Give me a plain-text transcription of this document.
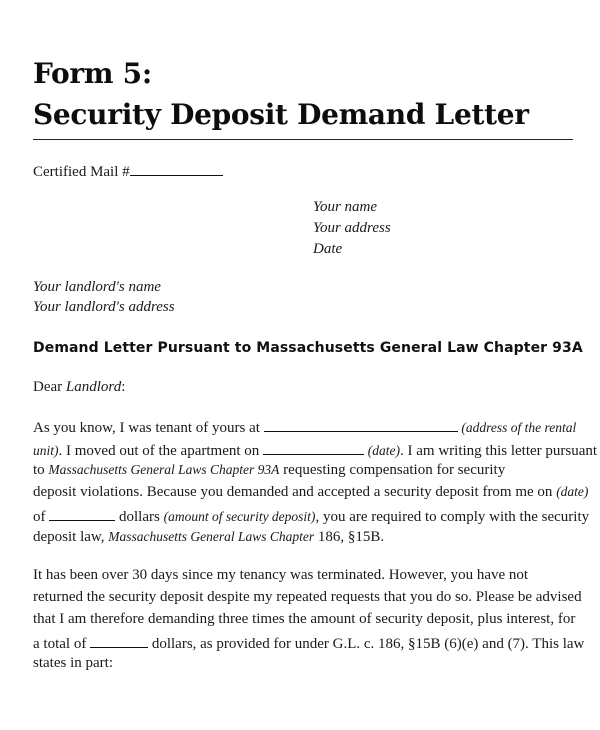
Form 5:
Security Deposit Demand Letter
Certified Mail #
Your name
Your address
Date
Your landlord's name
Your landlord's address
Demand Letter Pursuant to Massachusetts General Law Chapter 93A
Dear Landlord:
As you know, I was tenant of yours at	(address of the rental
unit). I moved out of the apartment on	(date). I am writing this letter pursuant
to Massachusetts General Laws Chapter 93A requesting compensation for security
deposit violations. Because you demanded and accepted a security deposit from me on (date)
of	dollars (amount of security deposit), you are required to comply with the security
deposit law, Massachusetts General Laws Chapter 186, §15B.
It has been over 30 days since my tenancy was terminated. However, you have not
returned the security deposit despite my repeated requests that you do so. Please be advised
that I am therefore demanding three times the amount of security deposit, plus interest, for
a total of	dollars, as provided for under G.L. c. 186, §15B (6)(e) and (7). This law
states in part:
